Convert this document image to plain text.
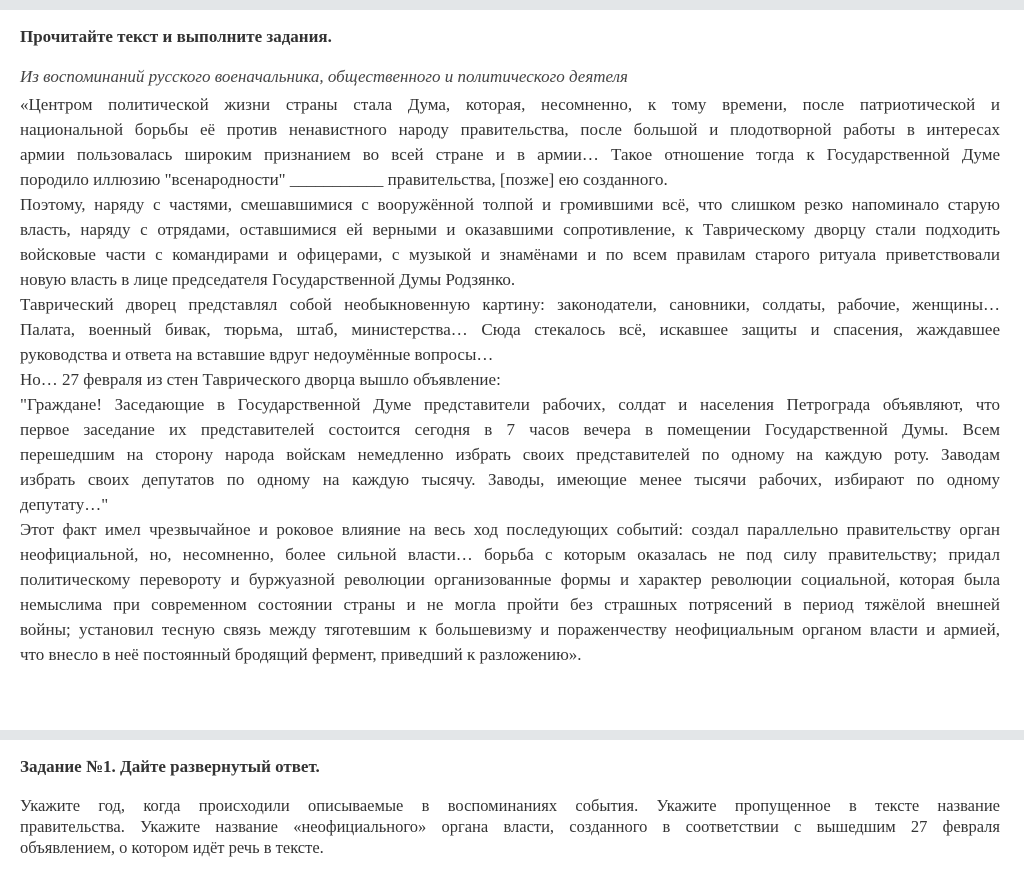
Прочитайте текст и выполните задания.
Из воспоминаний русского военачальника, общественного и политического деятеля
«Центром политической жизни страны стала Дума, которая, несомненно, к тому времени, после патриотической и
национальной борьбы её против ненавистного народу правительства, после большой и плодотворной работы в интересах
армии пользовалась широким признанием во всей стране и в армии… Такое отношение тогда к Государственной Думе
породило иллюзию "всенародности" ___________ правительства, [позже] ею созданного.
Поэтому, наряду с частями, смешавшимися с вооружённой толпой и громившими всё, что слишком резко напоминало старую
власть, наряду с отрядами, оставшимися ей верными и оказавшими сопротивление, к Таврическому дворцу стали подходить
войсковые части с командирами и офицерами, с музыкой и знамёнами и по всем правилам старого ритуала приветствовали
новую власть в лице председателя Государственной Думы Родзянко.
Таврический дворец представлял собой необыкновенную картину: законодатели, сановники, солдаты, рабочие, женщины…
Палата, военный бивак, тюрьма, штаб, министерства… Сюда стекалось всё, искавшее защиты и спасения, жаждавшее
руководства и ответа на вставшие вдруг недоумённые вопросы…
Но… 27 февраля из стен Таврического дворца вышло объявление:
"Граждане! Заседающие в Государственной Думе представители рабочих, солдат и населения Петрограда объявляют, что
первое заседание их представителей состоится сегодня в 7 часов вечера в помещении Государственной Думы. Всем
перешедшим на сторону народа войскам немедленно избрать своих представителей по одному на каждую роту. Заводам
избрать своих депутатов по одному на каждую тысячу. Заводы, имеющие менее тысячи рабочих, избирают по одному
депутату…"
Этот факт имел чрезвычайное и роковое влияние на весь ход последующих событий: создал параллельно правительству орган
неофициальной, но, несомненно, более сильной власти… борьба с которым оказалась не под силу правительству; придал
политическому перевороту и буржуазной революции организованные формы и характер революции социальной, которая была
немыслима при современном состоянии страны и не могла пройти без страшных потрясений в период тяжёлой внешней
войны; установил тесную связь между тяготевшим к большевизму и пораженчеству неофициальным органом власти и армией,
что внесло в неё постоянный бродящий фермент, приведший к разложению».
Задание №1. Дайте развернутый ответ.
Укажите год, когда происходили описываемые в воспоминаниях события. Укажите пропущенное в тексте название
правительства. Укажите название «неофициального» органа власти, созданного в соответствии с вышедшим 27 февраля
объявлением, о котором идёт речь в тексте.
